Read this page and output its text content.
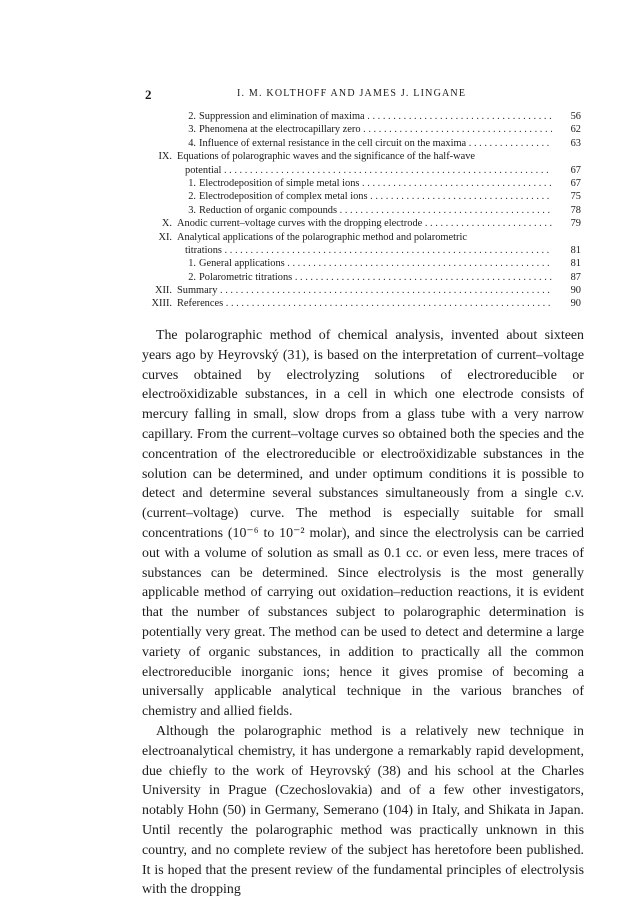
2	I. M. KOLTHOFF AND JAMES J. LINGANE
2. Suppression and elimination of maxima . . .	56
3. Phenomena at the electrocapillary zero . . .	62
4. Influence of external resistance in the cell circuit on the maxima . . .	63
IX. Equations of polarographic waves and the significance of the half-wave
potential . . .	67
1. Electrodeposition of simple metal ions . . .	67
2. Electrodeposition of complex metal ions . . .	75
3. Reduction of organic compounds . . .	78
X. Anodic current–voltage curves with the dropping electrode . . .	79
XI. Analytical applications of the polarographic method and polarometric
titrations . . .	81
1. General applications . . .	81
2. Polarometric titrations . . .	87
XII. Summary . . .	90
XIII. References . . .	90

The polarographic method of chemical analysis, invented about sixteen years ago by Heyrovský (31), is based on the interpretation of current–voltage curves obtained by electrolyzing solutions of electroreducible or electroöxidizable substances, in a cell in which one electrode consists of mercury falling in small, slow drops from a glass tube with a very narrow capillary. From the current–voltage curves so obtained both the species and the concentration of the electroreducible or electroöxidizable substances in the solution can be determined, and under optimum conditions it is possible to detect and determine several substances simultaneously from a single c.v. (current–voltage) curve. The method is especially suitable for small concentrations (10⁻⁶ to 10⁻² molar), and since the electrolysis can be carried out with a volume of solution as small as 0.1 cc. or even less, mere traces of substances can be determined. Since electrolysis is the most generally applicable method of carrying out oxidation–reduction reactions, it is evident that the number of substances subject to polarographic determination is potentially very great. The method can be used to detect and determine a large variety of organic substances, in addition to practically all the common electroreducible inorganic ions; hence it gives promise of becoming a universally applicable analytical technique in the various branches of chemistry and allied fields.

Although the polarographic method is a relatively new technique in electroanalytical chemistry, it has undergone a remarkably rapid development, due chiefly to the work of Heyrovský (38) and his school at the Charles University in Prague (Czechoslovakia) and of a few other investigators, notably Hohn (50) in Germany, Semerano (104) in Italy, and Shikata in Japan. Until recently the polarographic method was practically unknown in this country, and no complete review of the subject has heretofore been published. It is hoped that the present review of the fundamental principles of electrolysis with the dropping
